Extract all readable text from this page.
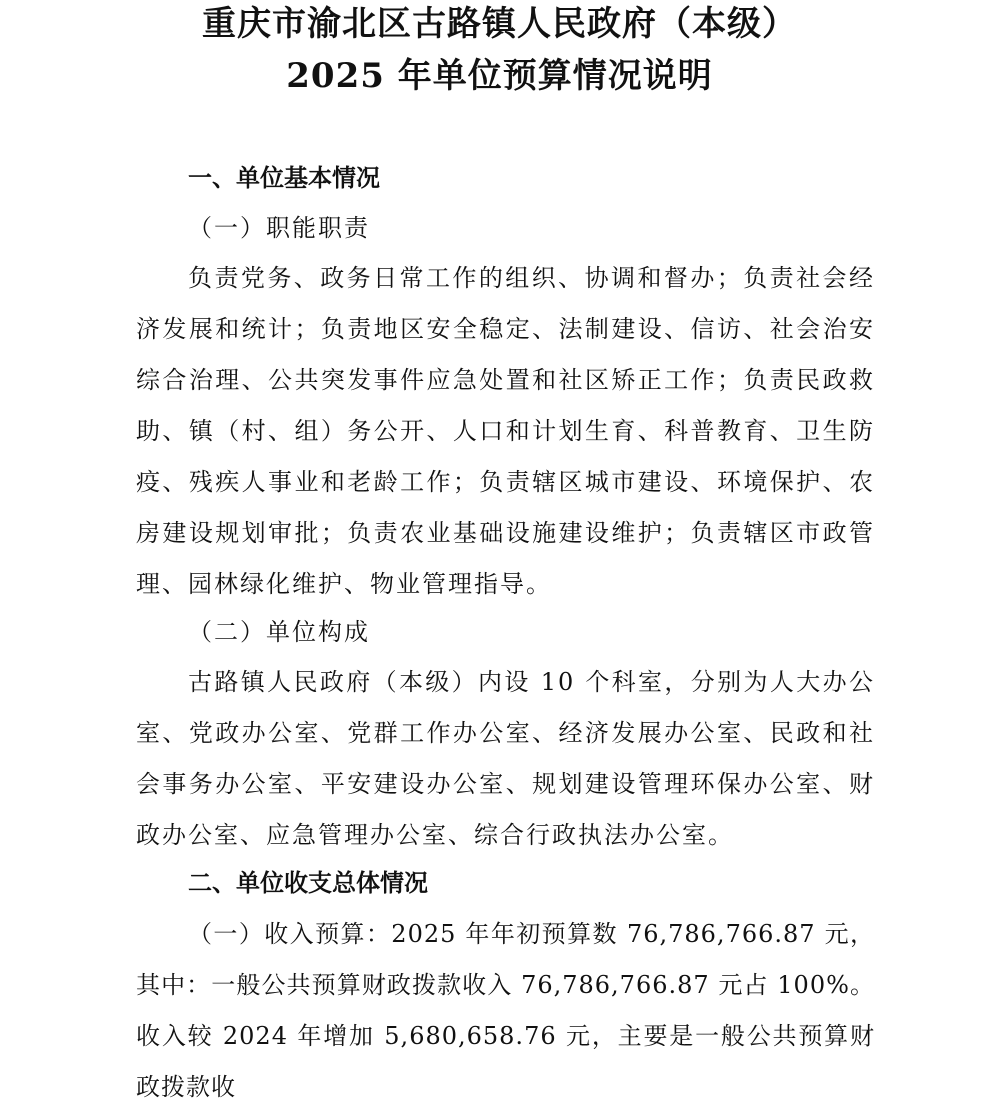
重庆市渝北区古路镇人民政府（本级）
2025 年单位预算情况说明
一、单位基本情况
（一）职能职责

负责党务、政务日常工作的组织、协调和督办；负责社会经济发展和统计；负责地区安全稳定、法制建设、信访、社会治安综合治理、公共突发事件应急处置和社区矫正工作；负责民政救助、镇（村、组）务公开、人口和计划生育、科普教育、卫生防疫、残疾人事业和老龄工作；负责辖区城市建设、环境保护、农房建设规划审批；负责农业基础设施建设维护；负责辖区市政管理、园林绿化维护、物业管理指导。

（二）单位构成

古路镇人民政府（本级）内设 10 个科室，分别为人大办公室、党政办公室、党群工作办公室、经济发展办公室、民政和社会事务办公室、平安建设办公室、规划建设管理环保办公室、财政办公室、应急管理办公室、综合行政执法办公室。

二、单位收支总体情况

（一）收入预算：2025 年年初预算数 76,786,766.87 元，其中：一般公共预算财政拨款收入 76,786,766.87 元占 100%。收入较 2024 年增加 5,680,658.76 元，主要是一般公共预算财政拨款收
